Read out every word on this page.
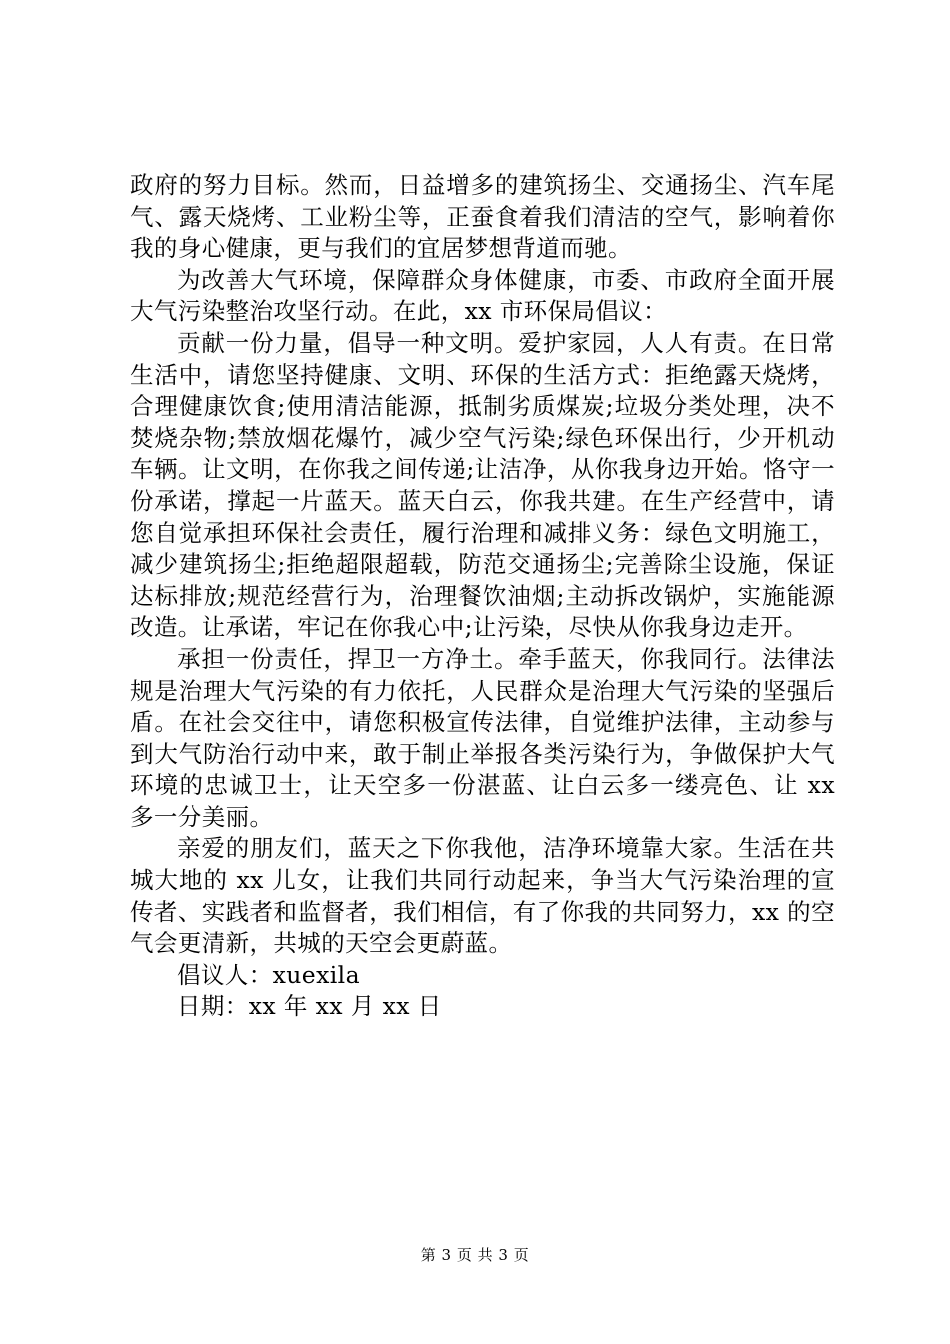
政府的努力目标。然而，日益增多的建筑扬尘、交通扬尘、汽车尾气、露天烧烤、工业粉尘等，正蚕食着我们清洁的空气，影响着你我的身心健康，更与我们的宜居梦想背道而驰。

为改善大气环境，保障群众身体健康，市委、市政府全面开展大气污染整治攻坚行动。在此，xx 市环保局倡议：

贡献一份力量，倡导一种文明。爱护家园，人人有责。在日常生活中，请您坚持健康、文明、环保的生活方式：拒绝露天烧烤，合理健康饮食;使用清洁能源，抵制劣质煤炭;垃圾分类处理，决不焚烧杂物;禁放烟花爆竹，减少空气污染;绿色环保出行，少开机动车辆。让文明，在你我之间传递;让洁净，从你我身边开始。恪守一份承诺，撑起一片蓝天。蓝天白云，你我共建。在生产经营中，请您自觉承担环保社会责任，履行治理和减排义务：绿色文明施工，减少建筑扬尘;拒绝超限超载，防范交通扬尘;完善除尘设施，保证达标排放;规范经营行为，治理餐饮油烟;主动拆改锅炉，实施能源改造。让承诺，牢记在你我心中;让污染，尽快从你我身边走开。

承担一份责任，捍卫一方净土。牵手蓝天，你我同行。法律法规是治理大气污染的有力依托，人民群众是治理大气污染的坚强后盾。在社会交往中，请您积极宣传法律，自觉维护法律，主动参与到大气防治行动中来，敢于制止举报各类污染行为，争做保护大气环境的忠诚卫士，让天空多一份湛蓝、让白云多一缕亮色、让 xx 多一分美丽。

亲爱的朋友们，蓝天之下你我他，洁净环境靠大家。生活在共城大地的 xx 儿女，让我们共同行动起来，争当大气污染治理的宣传者、实践者和监督者，我们相信，有了你我的共同努力，xx 的空气会更清新，共城的天空会更蔚蓝。

倡议人：xuexila

日期：xx 年 xx 月 xx 日

第 3 页 共 3 页
